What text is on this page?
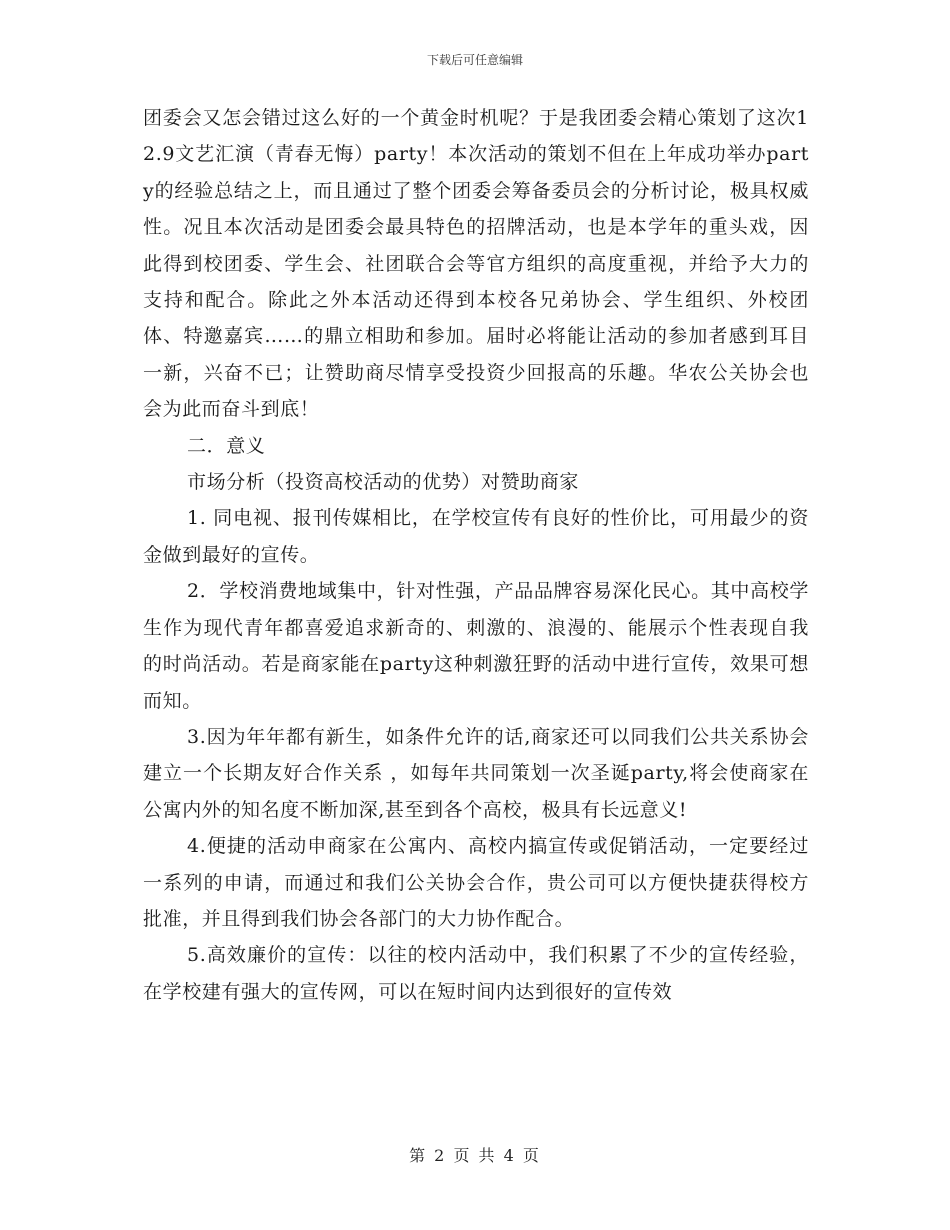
下载后可任意编辑

团委会又怎会错过这么好的一个黄金时机呢？于是我团委会精心策划了这次12.9文艺汇演（青春无悔）party！本次活动的策划不但在上年成功举办party的经验总结之上，而且通过了整个团委会筹备委员会的分析讨论，极具权威性。况且本次活动是团委会最具特色的招牌活动，也是本学年的重头戏，因此得到校团委、学生会、社团联合会等官方组织的高度重视，并给予大力的支持和配合。除此之外本活动还得到本校各兄弟协会、学生组织、外校团体、特邀嘉宾……的鼎立相助和参加。届时必将能让活动的参加者感到耳目一新，兴奋不已；让赞助商尽情享受投资少回报高的乐趣。华农公关协会也会为此而奋斗到底！

二．意义

市场分析（投资高校活动的优势）对赞助商家

1. 同电视、报刊传媒相比，在学校宣传有良好的性价比，可用最少的资金做到最好的宣传。

2．学校消费地域集中，针对性强，产品品牌容易深化民心。其中高校学生作为现代青年都喜爱追求新奇的、刺激的、浪漫的、能展示个性表现自我的时尚活动。若是商家能在party这种刺激狂野的活动中进行宣传，效果可想而知。

3.因为年年都有新生，如条件允许的话,商家还可以同我们公共关系协会建立一个长期友好合作关系 ，如每年共同策划一次圣诞party,将会使商家在公寓内外的知名度不断加深,甚至到各个高校，极具有长远意义!

4.便捷的活动申商家在公寓内、高校内搞宣传或促销活动，一定要经过一系列的申请，而通过和我们公关协会合作，贵公司可以方便快捷获得校方批准，并且得到我们协会各部门的大力协作配合。

5.高效廉价的宣传：以往的校内活动中，我们积累了不少的宣传经验，在学校建有强大的宣传网，可以在短时间内达到很好的宣传效

第 2 页 共 4 页
